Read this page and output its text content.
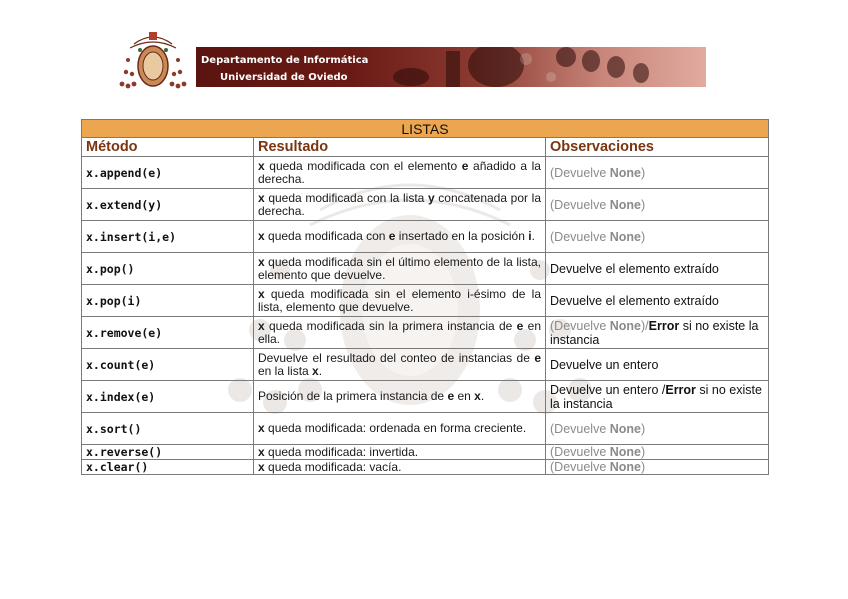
Departamento de Informática
Universidad de Oviedo
LISTAS		
Método	Resultado	Observaciones
x.append(e)	x queda modificada con el elemento e añadido a la derecha.	(Devuelve None)
x.extend(y)	x queda modificada con la lista y concatenada por la derecha.	(Devuelve None)
x.insert(i,e)	x queda modificada con e insertado en la posición i.	(Devuelve None)
x.pop()	x queda modificada sin el último elemento de la lista, elemento que devuelve.	Devuelve el elemento extraído
x.pop(i)	x queda modificada sin el elemento i-ésimo de la lista, elemento que devuelve.	Devuelve el elemento extraído
x.remove(e)	x queda modificada sin la primera instancia de e en ella.	(Devuelve None)/Error si no existe la instancia
x.count(e)	Devuelve el resultado del conteo de instancias de e en la lista x.	Devuelve un entero
x.index(e)	Posición de la primera instancia de e en x.	Devuelve un entero /Error si no existe la instancia
x.sort()	x queda modificada: ordenada en forma creciente.	(Devuelve None)
x.reverse()	x queda modificada: invertida.	(Devuelve None)
x.clear()	x queda modificada: vacía.	(Devuelve None)
